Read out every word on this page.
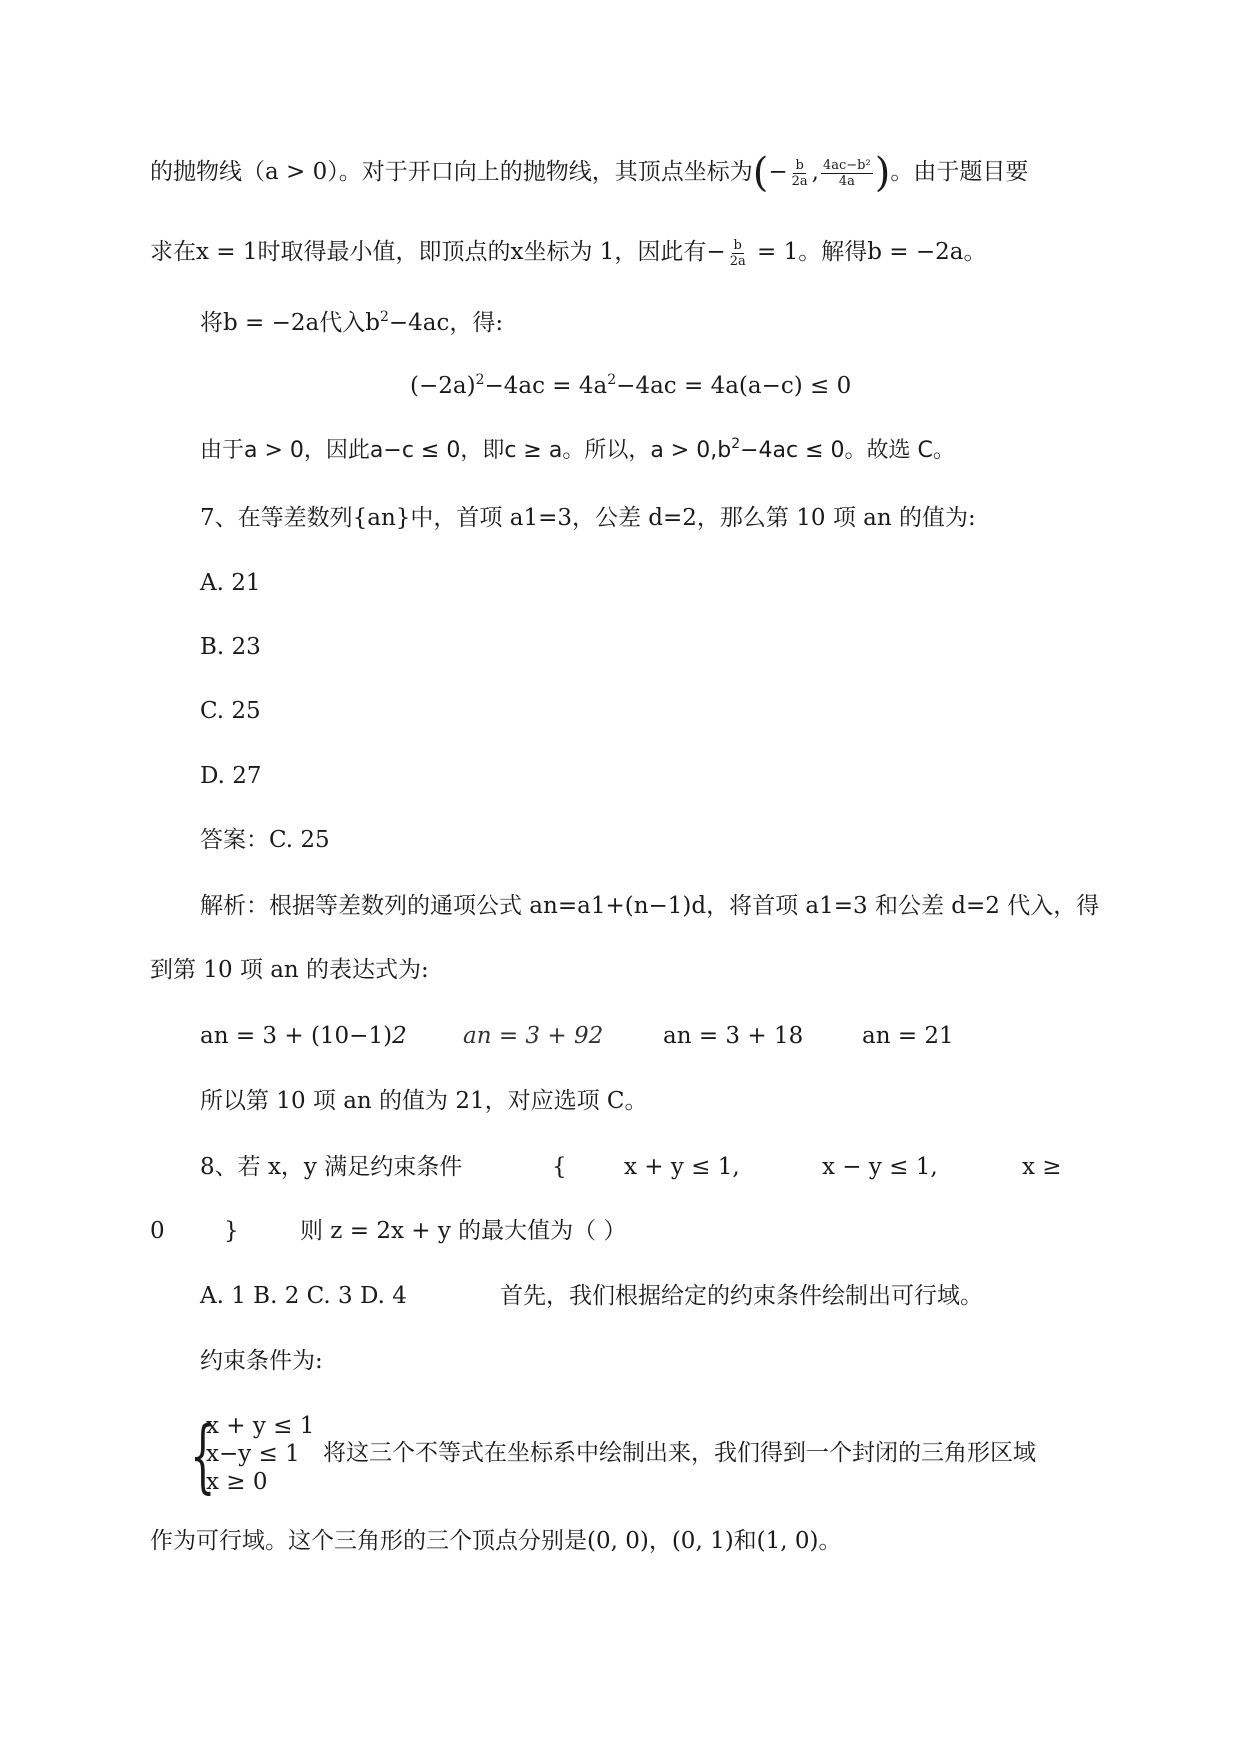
的抛物线（a > 0）。对于开口向上的抛物线，其顶点坐标为(− $\frac{b}{2a}$ , $\frac{\text{4ac−b²}}{4a}$ )。由于题目要
求在x = 1时取得最小值，即顶点的x坐标为 1，因此有− $\frac{b}{2a} = 1$。解得b = −2a。
将b = −2a代入$b^2-4ac$，得:
$(-2a)^2-4ac = 4a^2-4ac = 4a(a-c) \le 0$
由于a > 0，因此a−c ≤ 0，即c ≥ a。所以，$a > 0,b^2-4ac \le 0$。故选 C。
7、在等差数列{an}中，首项 a1=3，公差 d=2，那么第 10 项 an 的值为:
A. 21
B. 23
C. 25
D. 27
答案：C. 25
解析：根据等差数列的通项公式 an=a1+(n−1)d，将首项 a1=3 和公差 d=2 代入，得
到第 10 项 an 的表达式为:
an = 3 + (10−1)2 an = 3 + 92	an = 3 + 18	an = 21
所以第 10 项 an 的值为 21，对应选项 C。
8、若 x，y 满足约束条件	{ x + y ≤ 1,	x − y ≤ 1,	x ≥
0	}	则 z = 2x + y 的最大值为（ ）
A. 1 B. 2 C. 3 D. 4	首先，我们根据给定的约束条件绘制出可行域。
约束条件为:
{
x + y ≤ 1
x−y ≤ 1
x ≥ 0
将这三个不等式在坐标系中绘制出来，我们得到一个封闭的三角形区域
作为可行域。这个三角形的三个顶点分别是(0, 0)，(0, 1)和(1, 0)。
